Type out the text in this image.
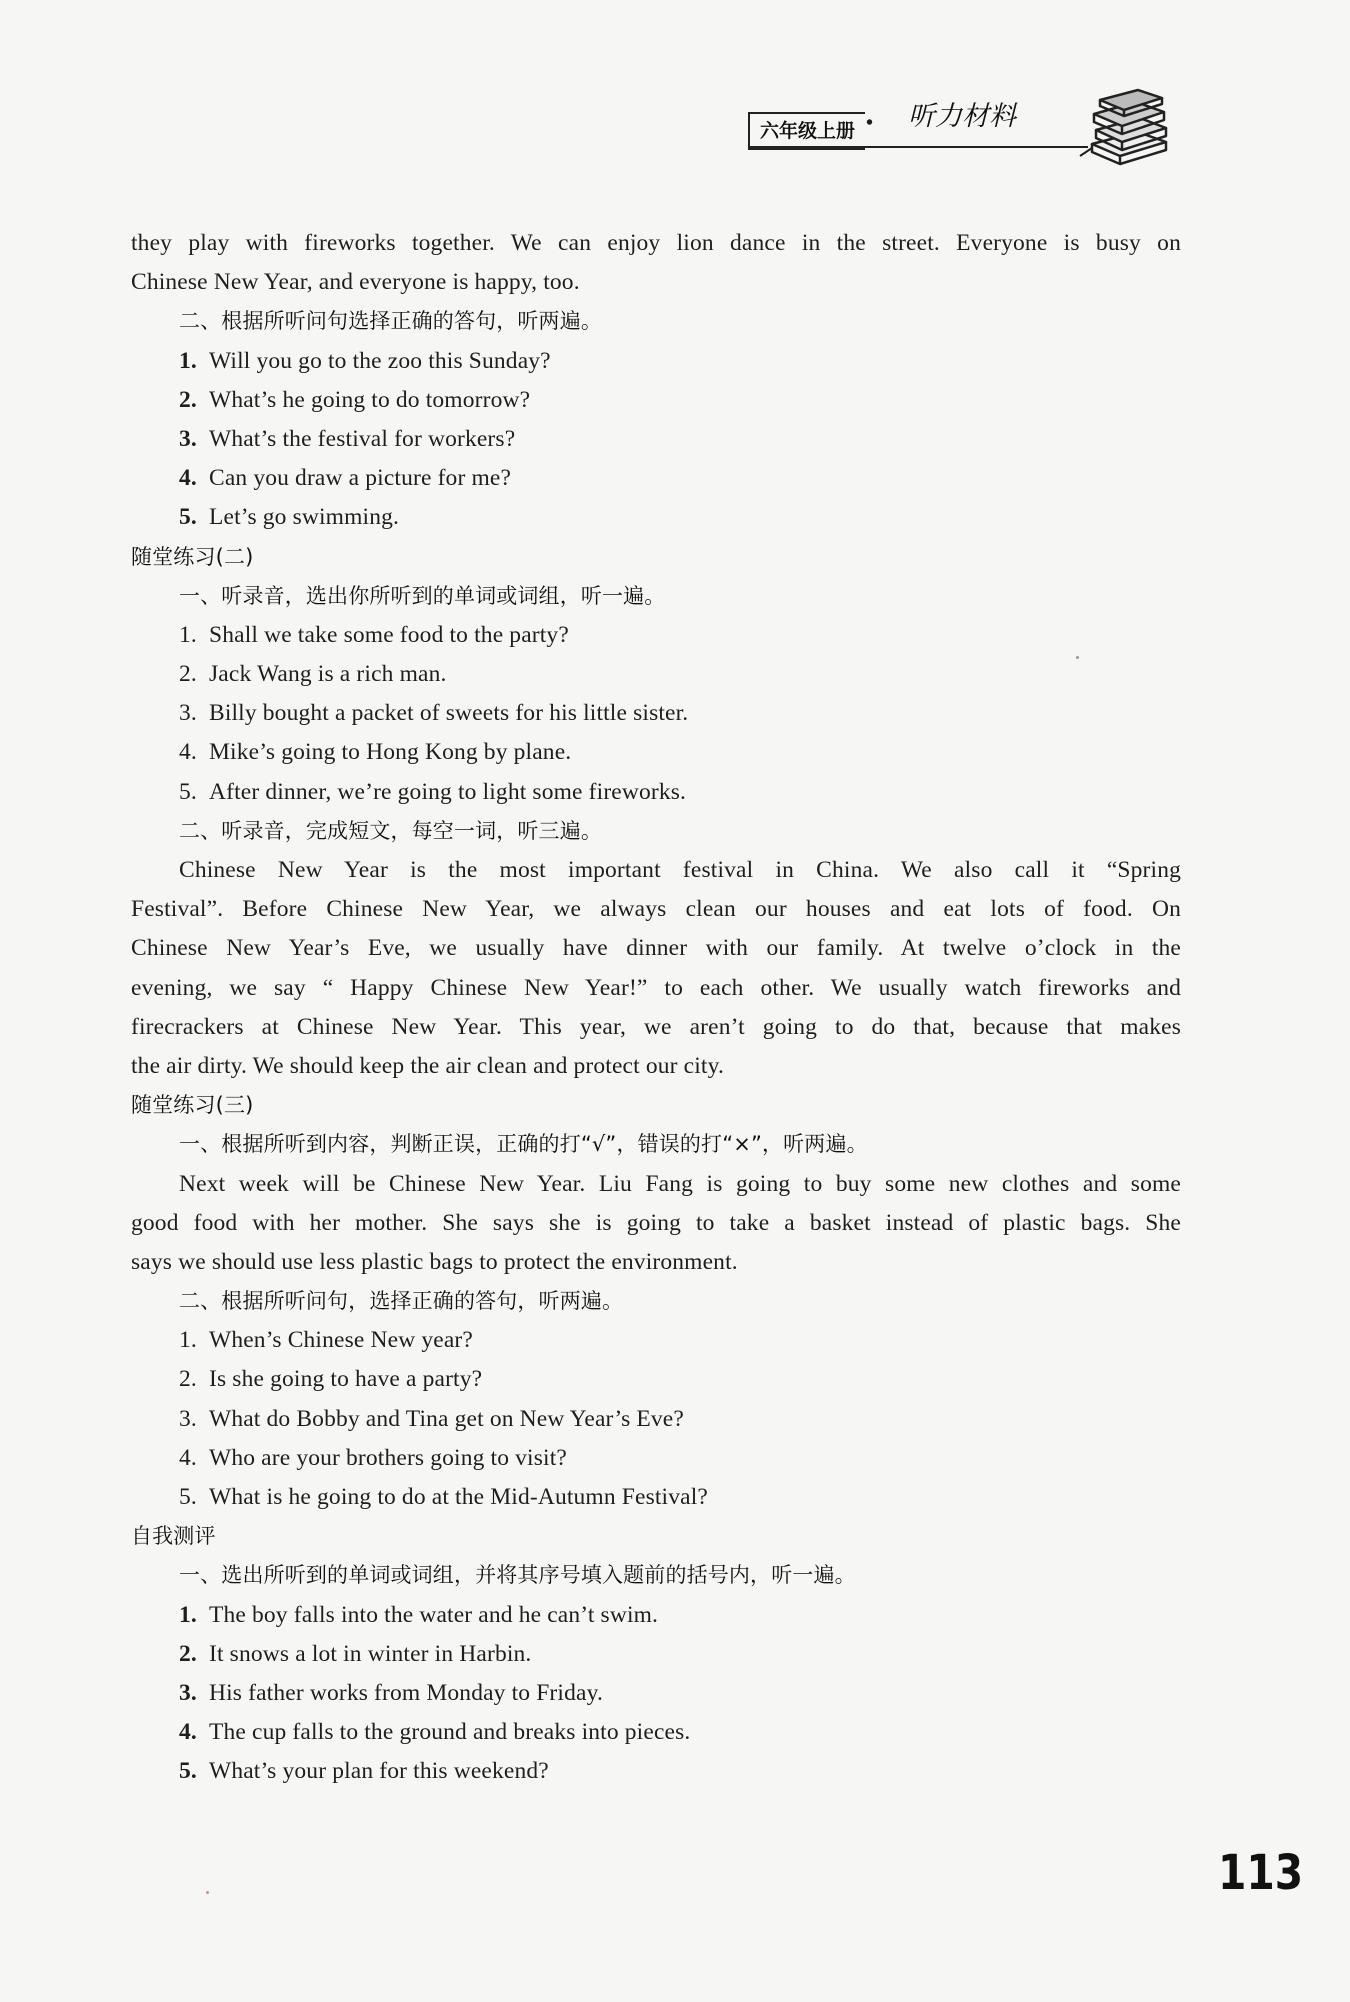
六年级上册 • 听力材料
they play with fireworks together. We can enjoy lion dance in the street. Everyone is busy on
Chinese New Year, and everyone is happy, too.
二、根据所听问句选择正确的答句，听两遍。
1. Will you go to the zoo this Sunday?
2. What’s he going to do tomorrow?
3. What’s the festival for workers?
4. Can you draw a picture for me?
5. Let’s go swimming.
随堂练习(二)
一、听录音，选出你所听到的单词或词组，听一遍。
1. Shall we take some food to the party?
2. Jack Wang is a rich man.
3. Billy bought a packet of sweets for his little sister.
4. Mike’s going to Hong Kong by plane.
5. After dinner, we’re going to light some fireworks.
二、听录音，完成短文，每空一词，听三遍。
Chinese New Year is the most important festival in China. We also call it “Spring
Festival”. Before Chinese New Year, we always clean our houses and eat lots of food. On
Chinese New Year’s Eve, we usually have dinner with our family. At twelve o’clock in the
evening, we say “ Happy Chinese New Year!” to each other. We usually watch fireworks and
firecrackers at Chinese New Year. This year, we aren’t going to do that, because that makes
the air dirty. We should keep the air clean and protect our city.
随堂练习(三)
一、根据所听到内容，判断正误，正确的打“√”，错误的打“×”，听两遍。
Next week will be Chinese New Year. Liu Fang is going to buy some new clothes and some
good food with her mother. She says she is going to take a basket instead of plastic bags. She
says we should use less plastic bags to protect the environment.
二、根据所听问句，选择正确的答句，听两遍。
1. When’s Chinese New year?
2. Is she going to have a party?
3. What do Bobby and Tina get on New Year’s Eve?
4. Who are your brothers going to visit?
5. What is he going to do at the Mid-Autumn Festival?
自我测评
一、选出所听到的单词或词组，并将其序号填入题前的括号内，听一遍。
1. The boy falls into the water and he can’t swim.
2. It snows a lot in winter in Harbin.
3. His father works from Monday to Friday.
4. The cup falls to the ground and breaks into pieces.
5. What’s your plan for this weekend?
113
